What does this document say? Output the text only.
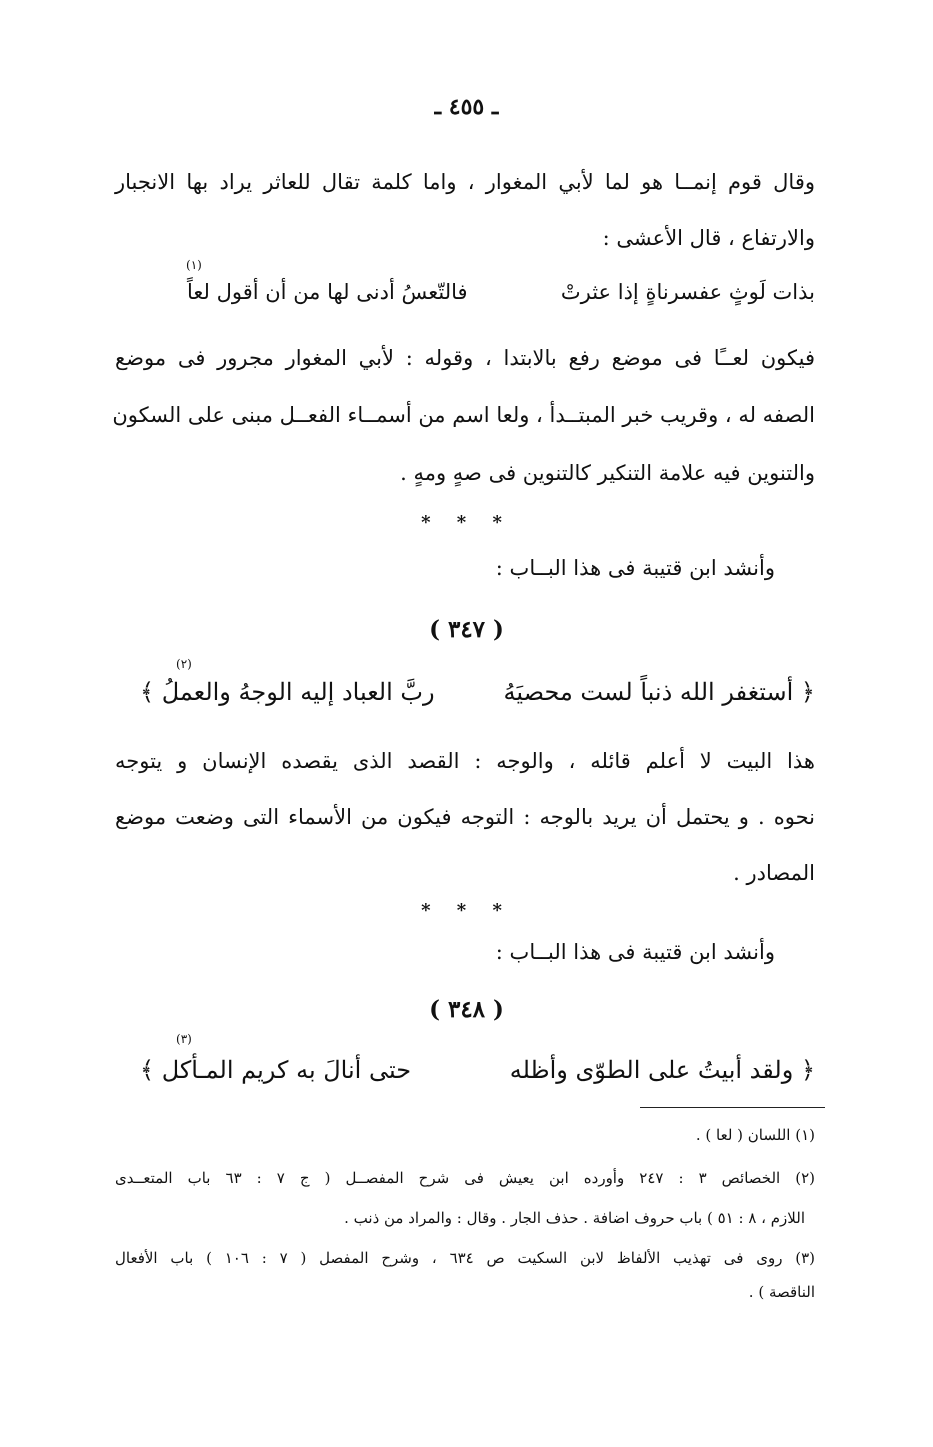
ـ ٤٥٥ ـ
وقال قوم إنمــا هو لما لأبي المغوار ، واما كلمة تقال للعاثر يراد بها الانجبار
والارتفاع ، قال الأعشى :
(١)
بذات لَوثٍ عفسرناةٍ إذا عثرتْ
فالتّعسُ أدنى لها من أن أقول لعاً
فيكون لعــًا فى موضع رفع بالابتدا ، وقوله : لأبي المغوار مجرور فى موضع
الصفه له ، وقريب خبر المبتــدأ ، ولعا اسم من أسمــاء الفعــل مبنى على السكون
والتنوين فيه علامة التنكير كالتنوين فى صهٍ ومهٍ .
* * *
وأنشد ابن قتيبة فى هذا البــاب :
( ٣٤٧ )
(٢)
﴿ أستغفر الله ذنباً لست محصيَهُ
ربَّ العباد إليه الوجهُ والعملُ ﴾
هذا البيت لا أعلم قائله ، والوجه : القصد الذى يقصده الإنسان و يتوجه
نحوه . و يحتمل أن يريد بالوجه : التوجه فيكون من الأسماء التى وضعت موضع
المصادر .
* * *
وأنشد ابن قتيبة فى هذا البــاب :
( ٣٤٨ )
(٣)
﴿ ولقد أبيتُ على الطوّى وأظله
حتى أنالَ به كريم المـأكل ﴾
(١) اللسان ( لعا ) .
(٢) الخصائص ٣ : ٢٤٧ وأورده ابن يعيش فى شرح المفصــل ( ج ٧ : ٦٣ باب المتعــدى
اللازم ، ٨ : ٥١ ) باب حروف اضافة . حذف الجار . وقال : والمراد من ذنب .
(٣) روى فى تهذيب الألفاظ لابن السكيت ص ٦٣٤ ، وشرح المفصل ( ٧ : ١٠٦ ) باب الأفعال
الناقصة ) .
